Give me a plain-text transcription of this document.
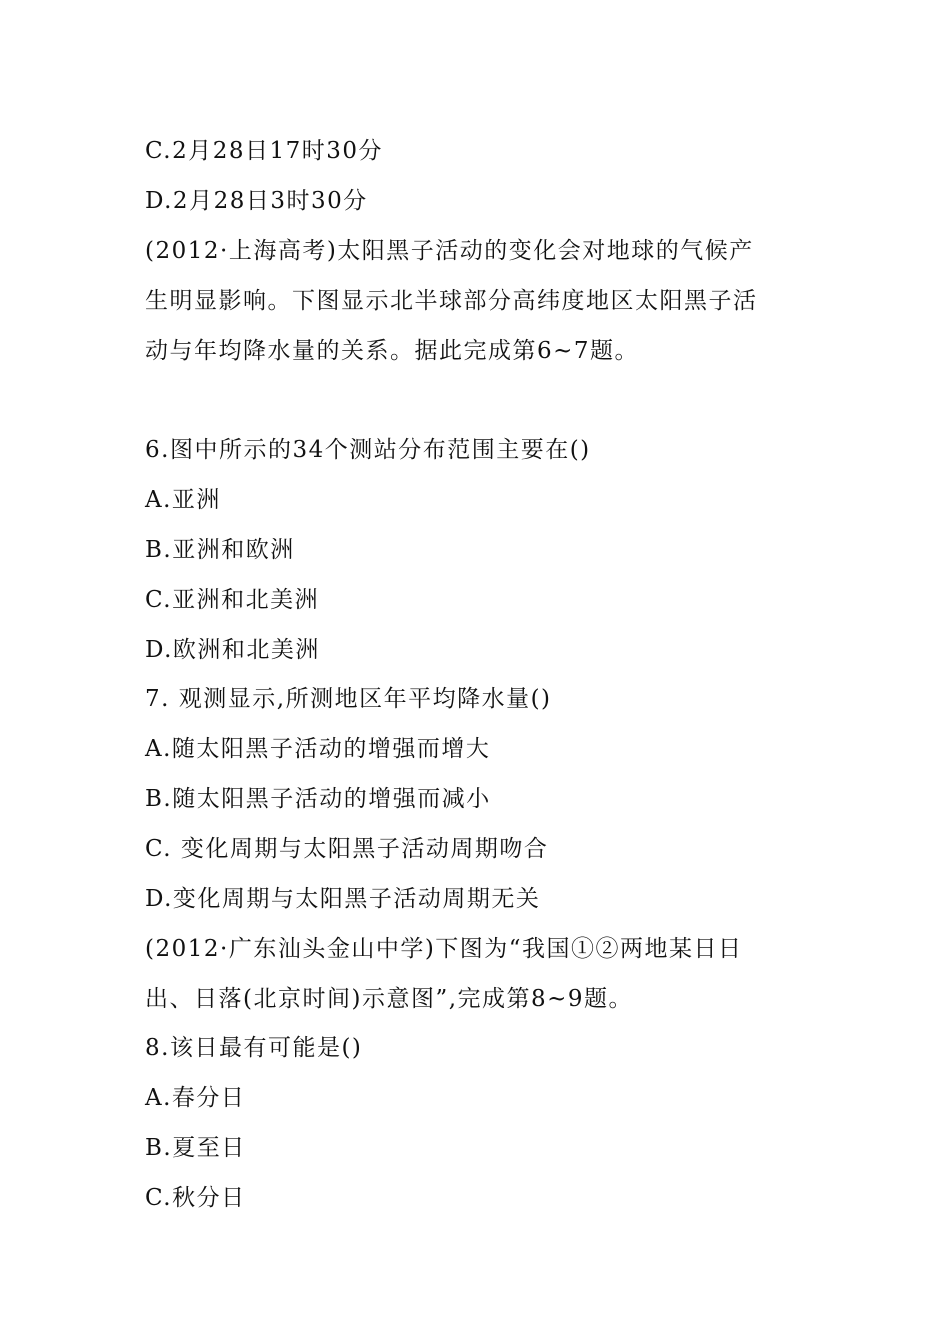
C.2月28日17时30分
D.2月28日3时30分
(2012·上海高考)太阳黑子活动的变化会对地球的气候产
生明显影响。下图显示北半球部分高纬度地区太阳黑子活
动与年均降水量的关系。据此完成第6~7题。
6.图中所示的34个测站分布范围主要在()
A.亚洲
B.亚洲和欧洲
C.亚洲和北美洲
D.欧洲和北美洲
7. 观测显示,所测地区年平均降水量()
A.随太阳黑子活动的增强而增大
B.随太阳黑子活动的增强而减小
C. 变化周期与太阳黑子活动周期吻合
D.变化周期与太阳黑子活动周期无关
(2012·广东汕头金山中学)下图为“我国①②两地某日日
出、日落(北京时间)示意图”,完成第8~9题。
8.该日最有可能是()
A.春分日
B.夏至日
C.秋分日
